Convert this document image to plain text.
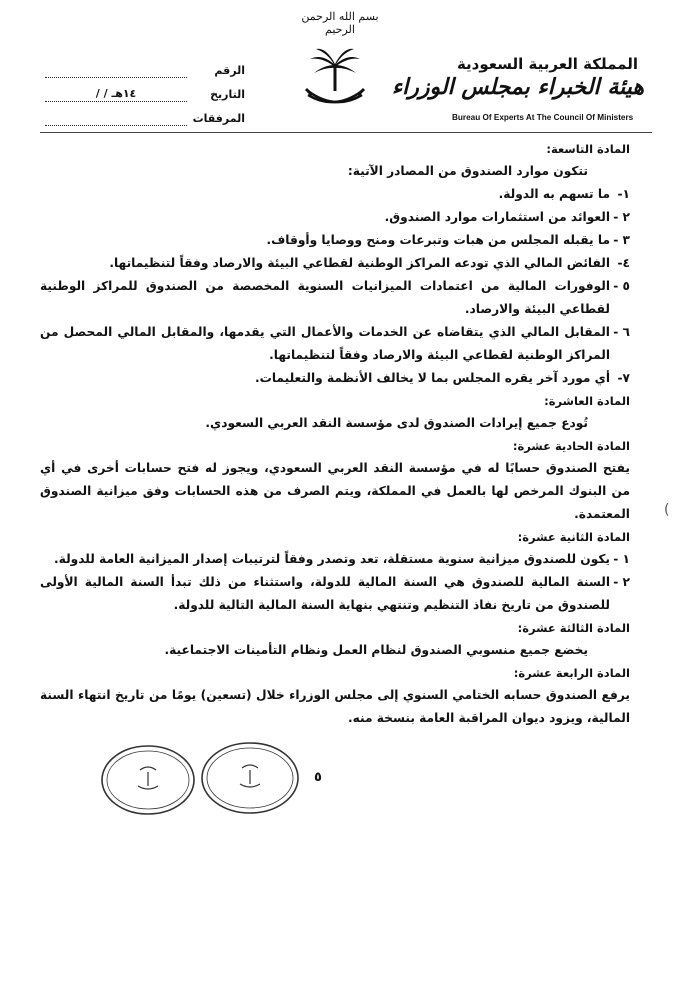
بسم الله الرحمن الرحيم
المملكة العربية السعودية
هيئة الخبراء بمجلس الوزراء
Bureau Of Experts At The Council Of Ministers
الرقم
التاريخ
/ / ١٤هـ
المرفقات

المادة التاسعة:

تتكون موارد الصندوق من المصادر الآتية:

١-
ما تسهم به الدولة.
٢ -
العوائد من استثمارات موارد الصندوق.
٣ -
ما يقبله المجلس من هبات وتبرعات ومنح ووصايا وأوقاف.
٤-
الفائض المالي الذي تودعه المراكز الوطنية لقطاعي البيئة والارصاد وفقاً لتنظيماتها.
٥ -
الوفورات المالية من اعتمادات الميزانيات السنوية المخصصة من الصندوق للمراكز الوطنية لقطاعي البيئة والارصاد.
٦ -
المقابل المالي الذي يتقاضاه عن الخدمات والأعمال التي يقدمها، والمقابل المالي المحصل من المراكز الوطنية لقطاعي البيئة والارصاد وفقاً لتنظيماتها.
٧-
أي مورد آخر يقره المجلس بما لا يخالف الأنظمة والتعليمات.

المادة العاشرة:

تُودع جميع إيرادات الصندوق لدى مؤسسة النقد العربي السعودي.

المادة الحادية عشرة:

يفتح الصندوق حسابًا له في مؤسسة النقد العربي السعودي، ويجوز له فتح حسابات أخرى في أي من البنوك المرخص لها بالعمل في المملكة، ويتم الصرف من هذه الحسابات وفق ميزانية الصندوق المعتمدة.

المادة الثانية عشرة:

١ -
يكون للصندوق ميزانية سنوية مستقلة، تعد وتصدر وفقاً لترتيبات إصدار الميزانية العامة للدولة.
٢ -
السنة المالية للصندوق هي السنة المالية للدولة، واستثناء من ذلك تبدأ السنة المالية الأولى للصندوق من تاريخ نفاذ التنظيم وتنتهي بنهاية السنة المالية التالية للدولة.

المادة الثالثة عشرة:

يخضع جميع منسوبي الصندوق لنظام العمل ونظام التأمينات الاجتماعية.

المادة الرابعة عشرة:

يرفع الصندوق حسابه الختامي السنوي إلى مجلس الوزراء خلال (تسعين) يومًا من تاريخ انتهاء السنة المالية، ويزود ديوان المراقبة العامة بنسخة منه.

(
٥
